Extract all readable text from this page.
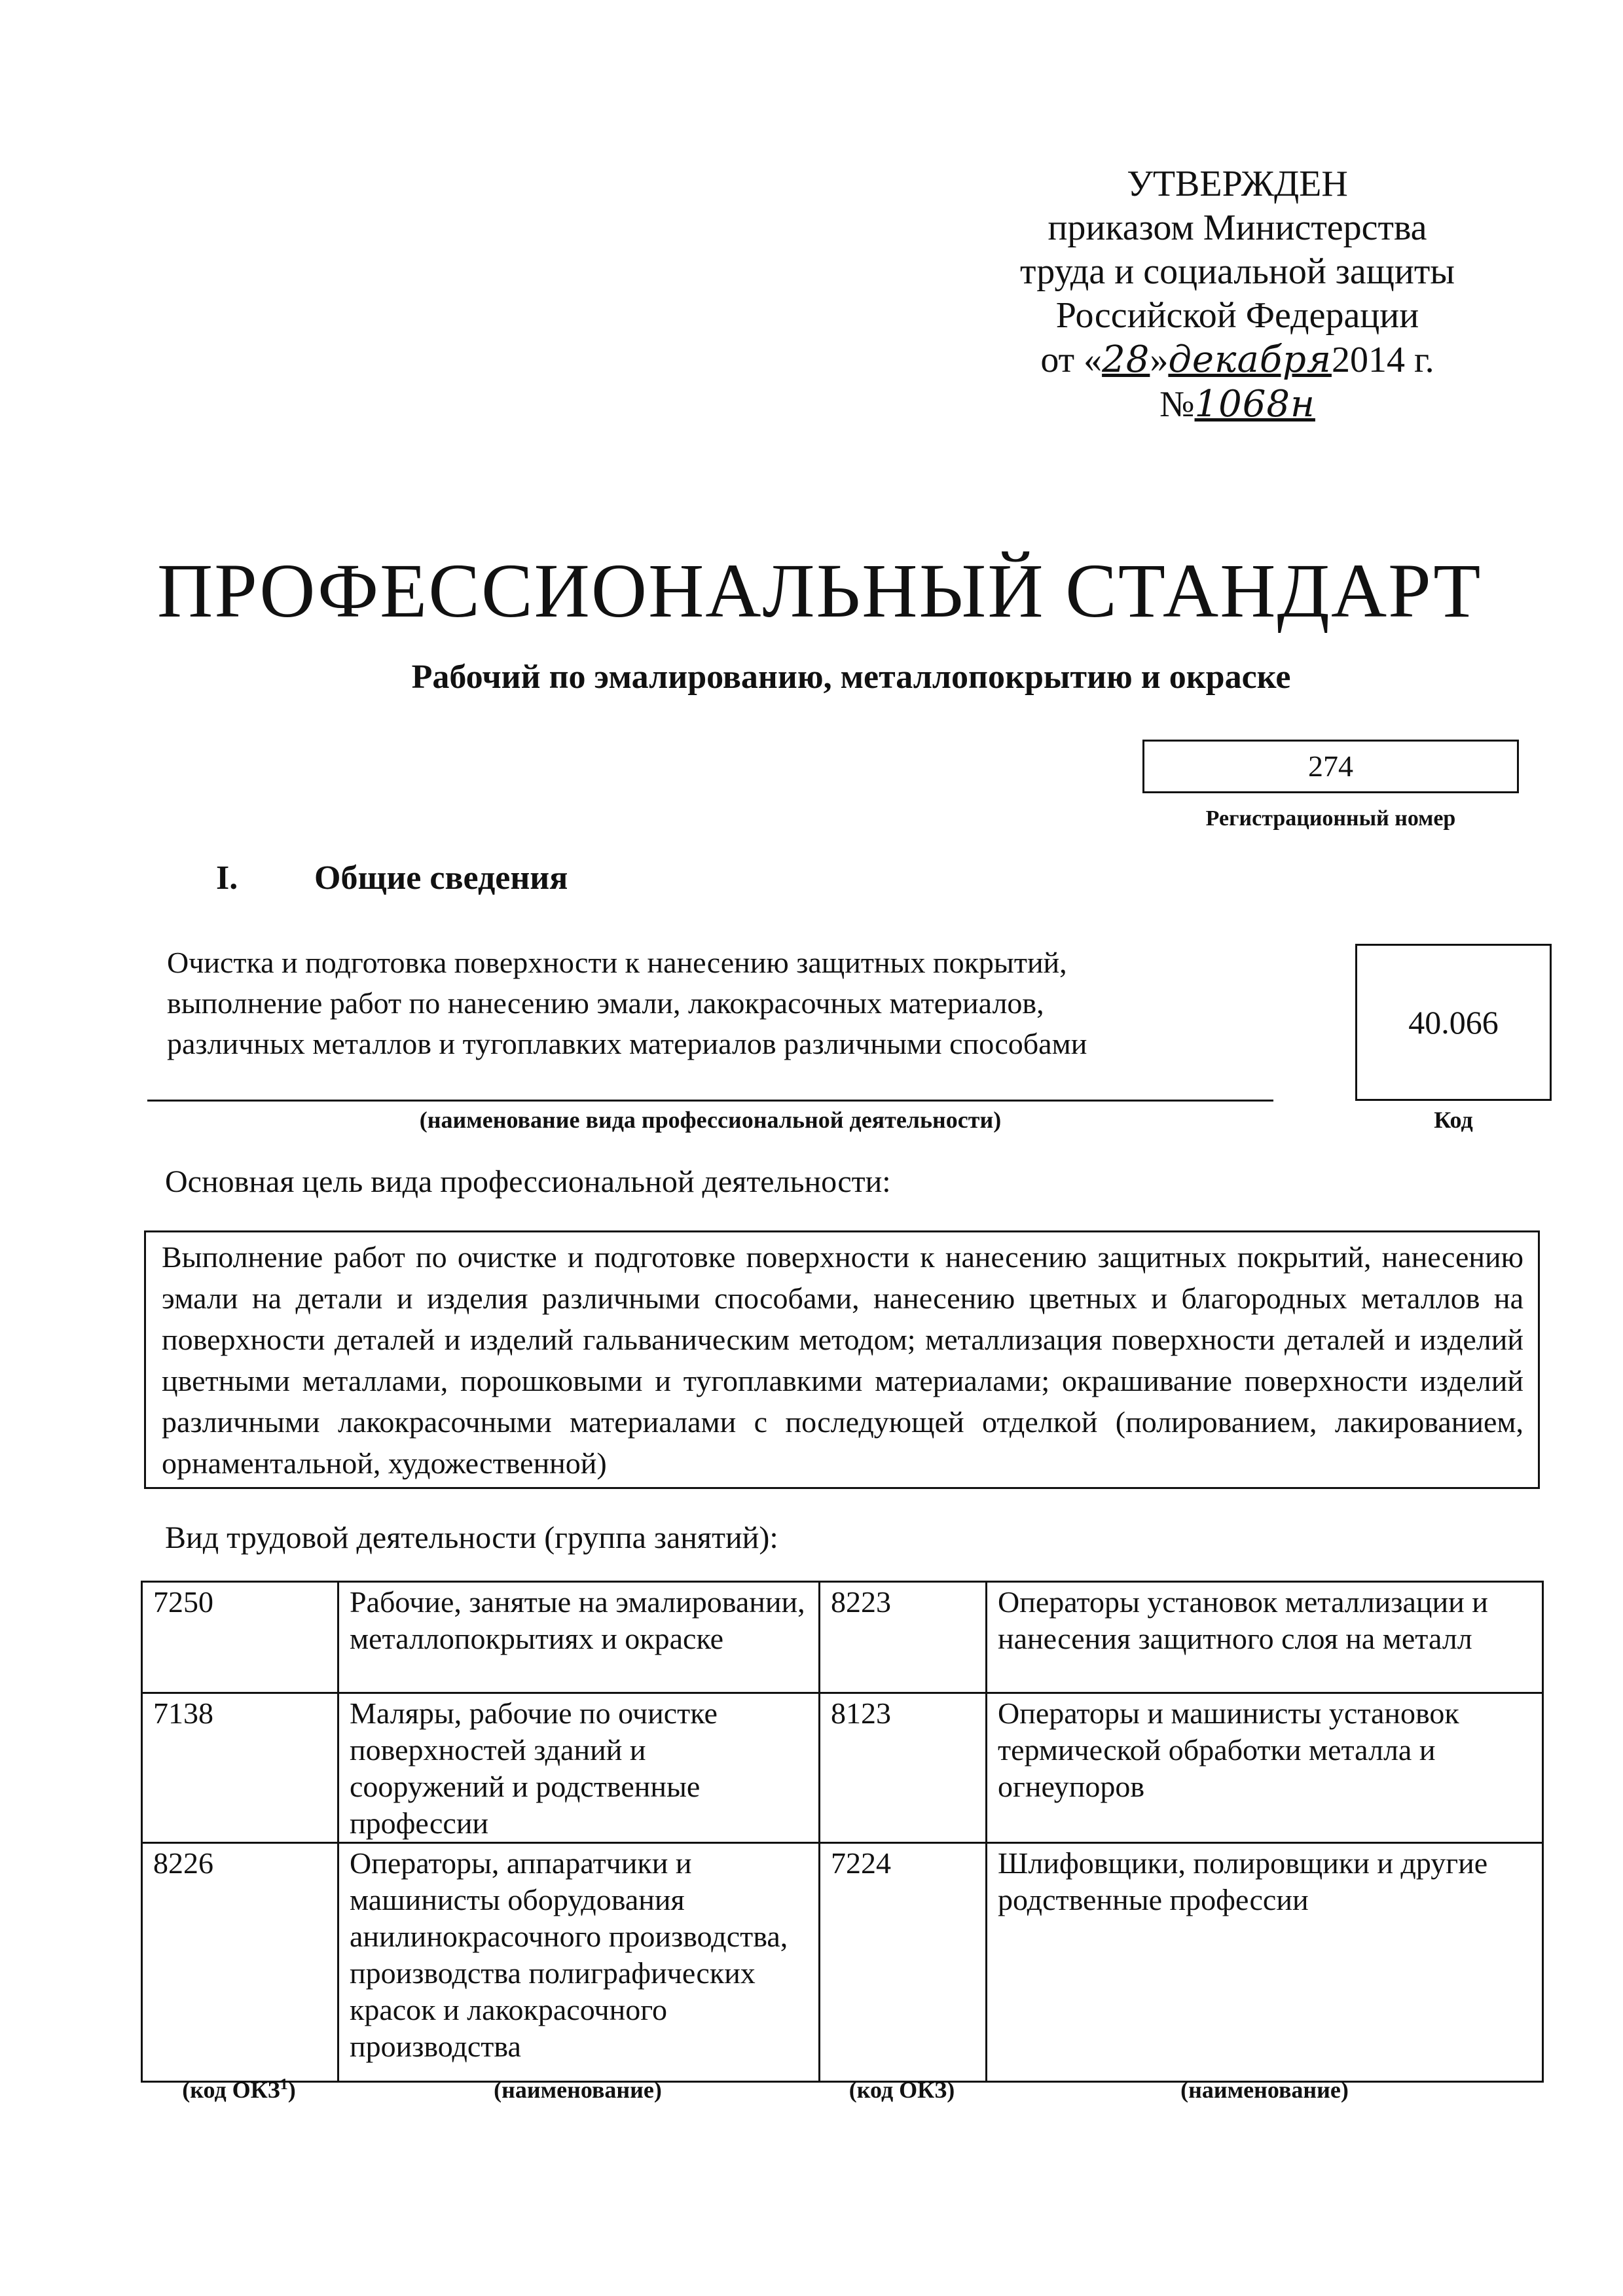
УТВЕРЖДЕН
приказом Министерства
труда и социальной защиты
Российской Федерации
от «28»декабря2014 г. №1068н
ПРОФЕССИОНАЛЬНЫЙ СТАНДАРТ
Рабочий по эмалированию, металлопокрытию и окраске
274
Регистрационный номер
I. Общие сведения
Очистка и подготовка поверхности к нанесению защитных покрытий,
выполнение работ по нанесению эмали, лакокрасочных материалов,
различных металлов и тугоплавких материалов различными способами
40.066
(наименование вида профессиональной деятельности)	Код
Основная цель вида профессиональной деятельности:
Выполнение работ по очистке и подготовке поверхности к нанесению защитных покрытий, нанесению эмали на детали и изделия различными способами, нанесению цветных и благородных металлов на поверхности деталей и изделий гальваническим методом; металлизация поверхности деталей и изделий цветными металлами, порошковыми и тугоплавкими материалами; окрашивание поверхности изделий различными лакокрасочными материалами с последующей отделкой (полированием, лакированием, орнаментальной, художественной)
Вид трудовой деятельности (группа занятий):
7250	Рабочие, занятые на эмалировании, металлопокрытиях и окраске	8223	Операторы установок металлизации и нанесения защитного слоя на металл
7138	Маляры, рабочие по очистке поверхностей зданий и сооружений и родственные профессии	8123	Операторы и машинисты установок термической обработки металла и огнеупоров
8226	Операторы, аппаратчики и машинисты оборудования анилинокрасочного производства, производства полиграфических красок и лакокрасочного производства	7224	Шлифовщики, полировщики и другие родственные профессии
(код ОКЗ$^1$)	(наименование)	(код ОКЗ)	(наименование)
